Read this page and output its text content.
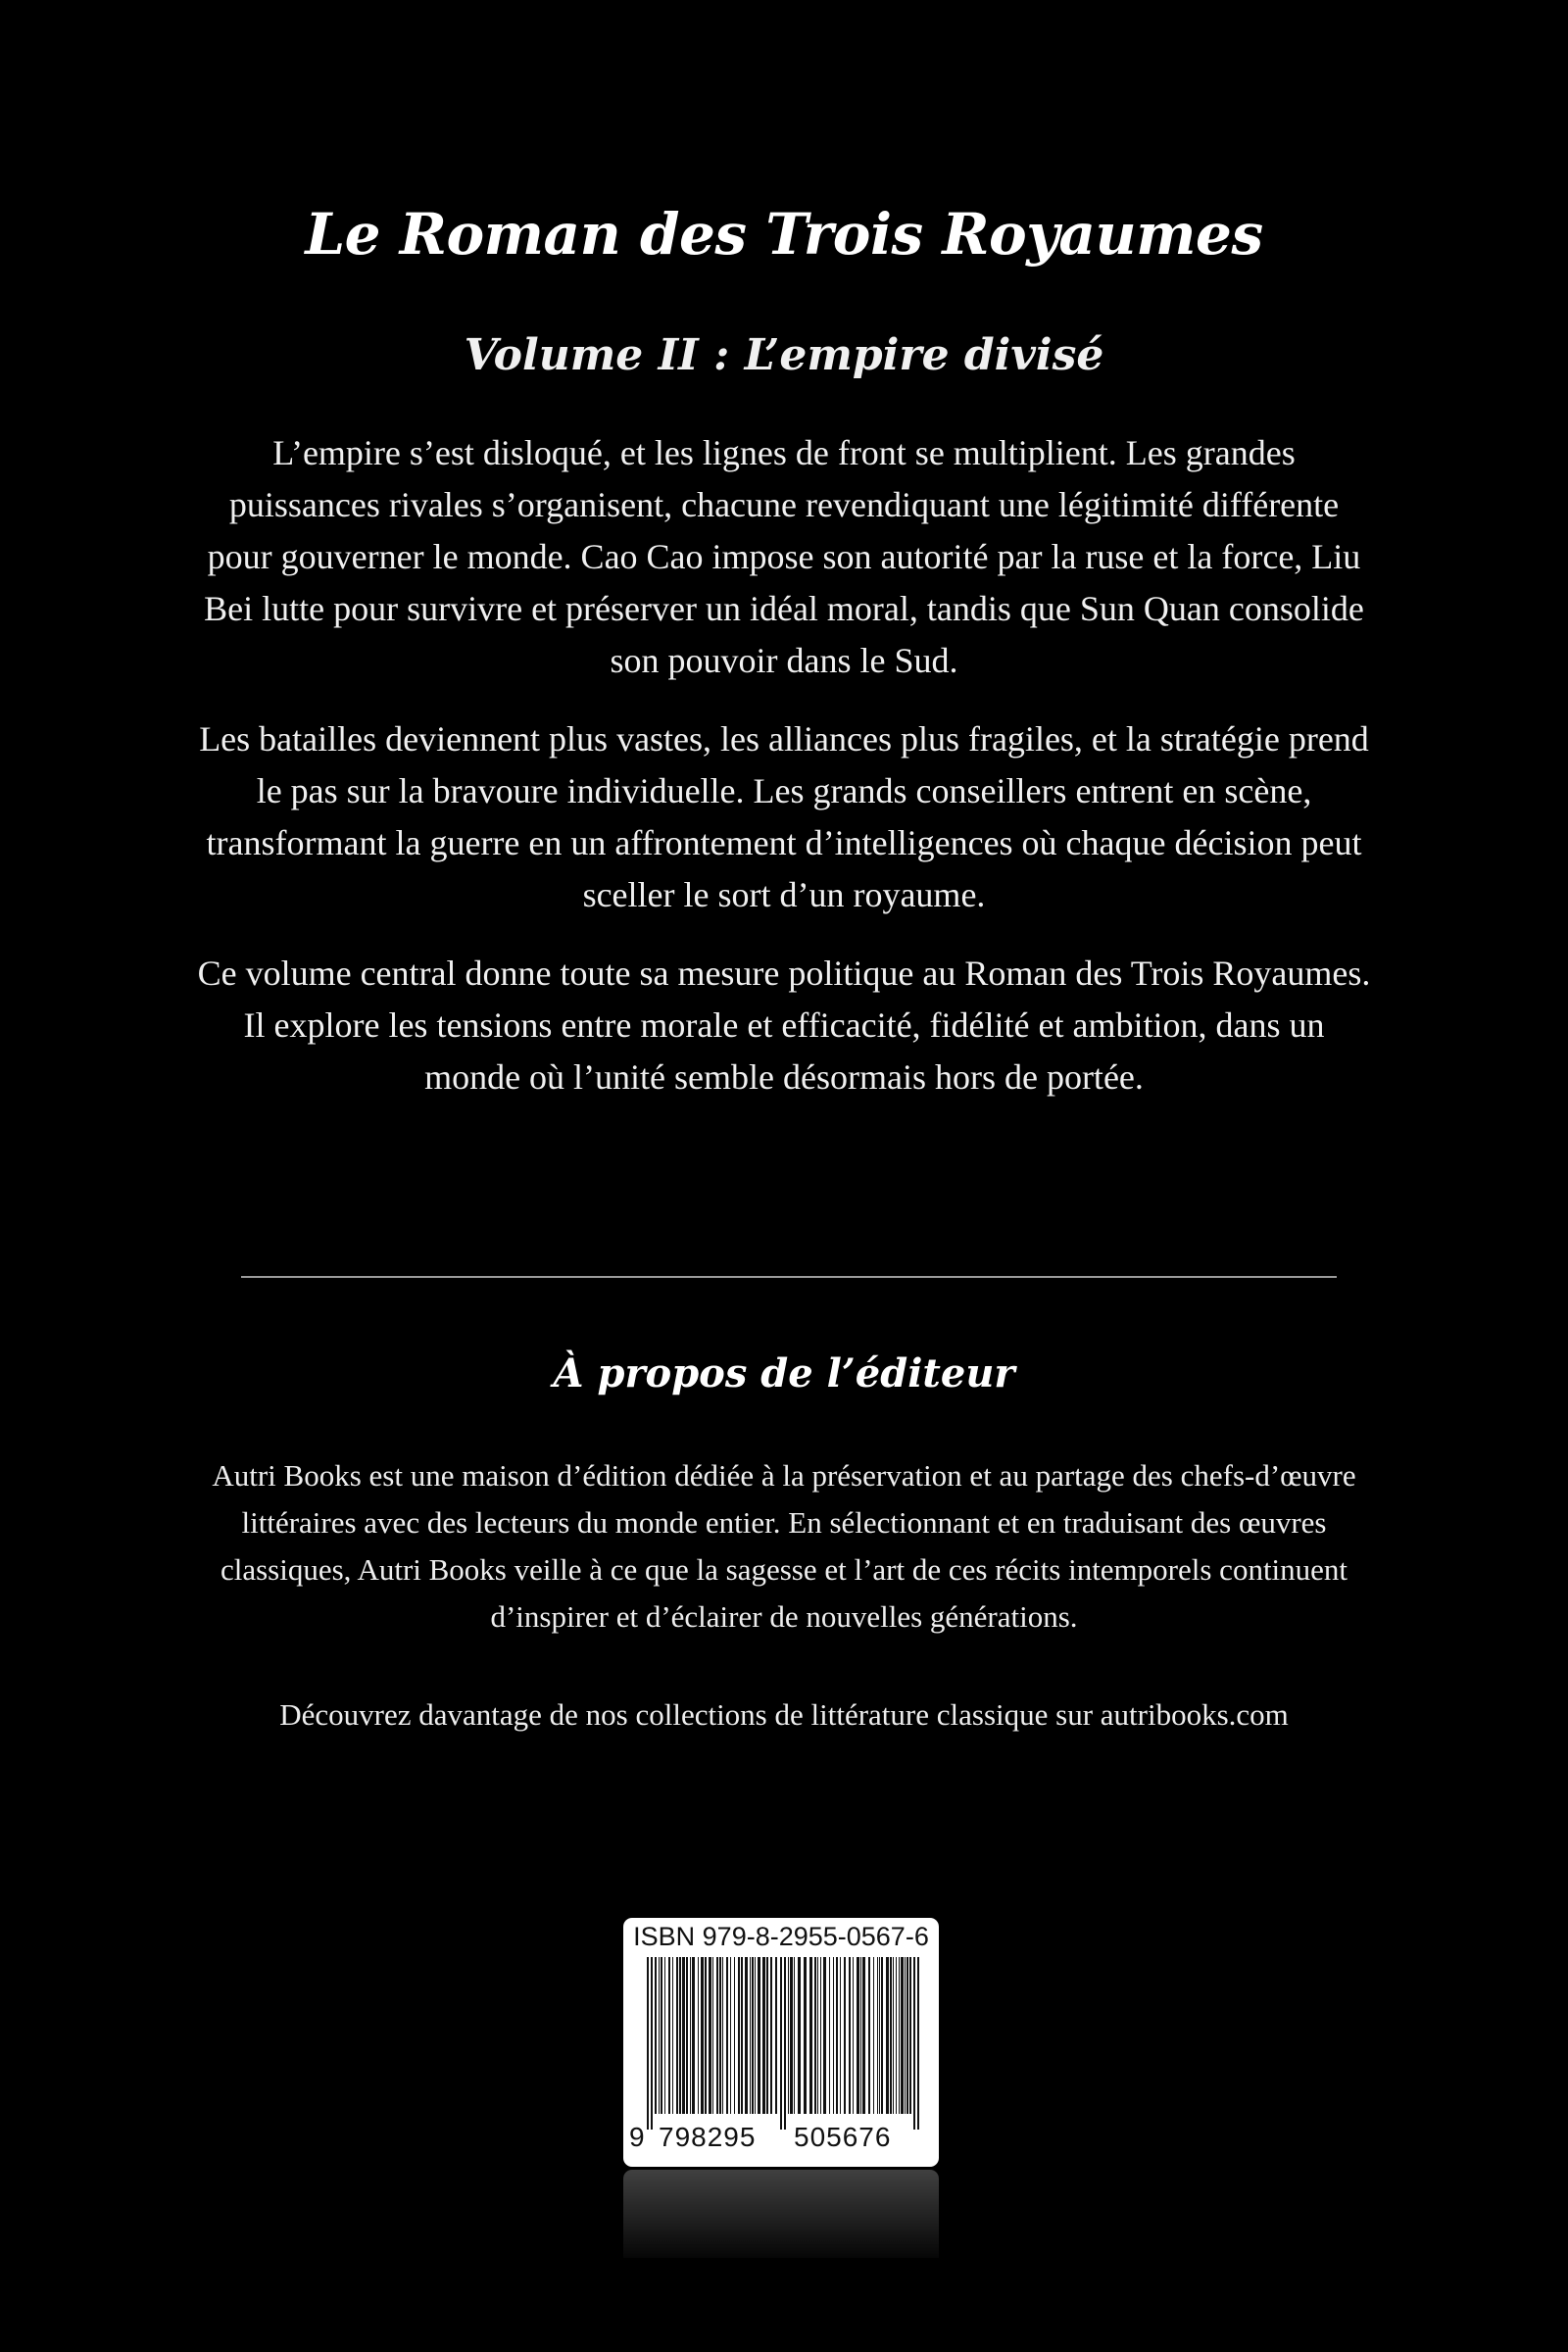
Le Roman des Trois Royaumes
Volume II : L’empire divisé

L’empire s’est disloqué, et les lignes de front se multiplient. Les grandes puissances rivales s’organisent, chacune revendiquant une légitimité différente pour gouverner le monde. Cao Cao impose son autorité par la ruse et la force, Liu Bei lutte pour survivre et préserver un idéal moral, tandis que Sun Quan consolide son pouvoir dans le Sud.

Les batailles deviennent plus vastes, les alliances plus fragiles, et la stratégie prend le pas sur la bravoure individuelle. Les grands conseillers entrent en scène, transformant la guerre en un affrontement d’intelligences où chaque décision peut sceller le sort d’un royaume.

Ce volume central donne toute sa mesure politique au Roman des Trois Royaumes. Il explore les tensions entre morale et efficacité, fidélité et ambition, dans un monde où l’unité semble désormais hors de portée.

À propos de l’éditeur

Autri Books est une maison d’édition dédiée à la préservation et au partage des chefs-d’œuvre littéraires avec des lecteurs du monde entier. En sélectionnant et en traduisant des œuvres classiques, Autri Books veille à ce que la sagesse et l’art de ces récits intemporels continuent d’inspirer et d’éclairer de nouvelles générations.

Découvrez davantage de nos collections de littérature classique sur autribooks.com

ISBN 979-8-2955-0567-6
9 798295 505676
